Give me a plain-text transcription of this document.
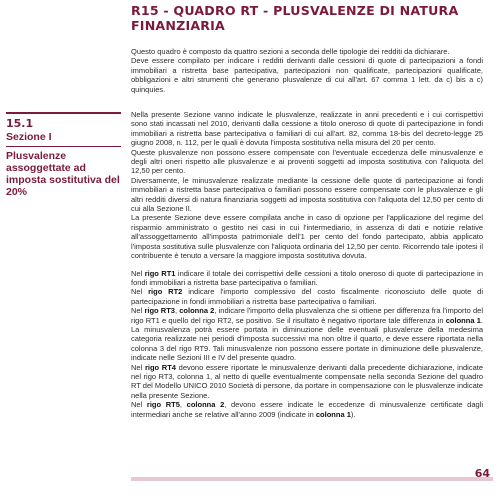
R15 - QUADRO RT - PLUSVALENZE DI NATURA FINANZIARIA

Questo quadro è composto da quattro sezioni a seconda delle tipologie dei redditi da dichiarare.

Deve essere compilato per indicare i redditi derivanti dalle cessioni di quote di partecipazioni a fondi immobiliari a ristretta base partecipativa, partecipazioni non qualificate, partecipazioni qualificate, obbligazioni e altri strumenti che generano plusvalenze di cui all'art. 67 comma 1 lett. da c) bis a c) quinquies.

15.1
Sezione I
Plusvalenze assoggettate ad imposta sostitutiva del 20%

Nella presente Sezione vanno indicate le plusvalenze, realizzate in anni precedenti e i cui corrispettivi sono stati incassati nel 2010, derivanti dalla cessione a titolo oneroso di quote di partecipazione in fondi immobiliari a ristretta base partecipativa o familiari di cui all'art. 82, comma 18-bis del decreto-legge 25 giugno 2008, n. 112, per le quali è dovuta l'imposta sostitutiva nella misura del 20 per cento.

Queste plusvalenze non possono essere compensate con l'eventuale eccedenza delle minusvalenze e degli altri oneri rispetto alle plusvalenze e ai proventi soggetti ad imposta sostitutiva con l'aliquota del 12,50 per cento.

Diversamente, le minusvalenze realizzate mediante la cessione delle quote di partecipazione ai fondi immobiliari a ristretta base partecipativa o familiari possono essere compensate con le plusvalenze e gli altri redditi diversi di natura finanziaria soggetti ad imposta sostitutiva con l'aliquota del 12,50 per cento di cui alla Sezione II.

La presente Sezione deve essere compilata anche in caso di opzione per l'applicazione del regime del risparmio amministrato o gestito nei casi in cui l'intermediario, in assenza di dati e notizie relative all'assoggettamento all'imposta patrimoniale dell'1 per cento del fondo partecipato, abbia applicato l'imposta sostitutiva sulle plusvalenze con l'aliquota ordinaria del 12,50 per cento. Ricorrendo tale ipotesi il contribuente è tenuto a versare la maggiore imposta sostitutiva dovuta.

Nel rigo RT1 indicare il totale dei corrispettivi delle cessioni a titolo oneroso di quote di partecipazione in fondi immobiliari a ristretta base partecipativa o familiari.

Nel rigo RT2 indicare l'importo complessivo del costo fiscalmente riconosciuto delle quote di partecipazione in fondi immobiliari a ristretta base partecipativa o familiari.

Nel rigo RT3, colonna 2, indicare l'importo della plusvalenza che si ottiene per differenza fra l'importo del rigo RT1 e quello del rigo RT2, se positivo. Se il risultato è negativo riportare tale differenza in colonna 1. La minusvalenza potrà essere portata in diminuzione delle eventuali plusvalenze della medesima categoria realizzate nei periodi d'imposta successivi ma non oltre il quarto, e deve essere riportata nella colonna 3 del rigo RT9. Tali minusvalenze non possono essere portate in diminuzione delle plusvalenze, indicate nelle Sezioni III e IV del presente quadro.

Nel rigo RT4 devono essere riportate le minusvalenze derivanti dalla precedente dichiarazione, indicate nel rigo RT3, colonna 1, al netto di quelle eventualmente compensate nella seconda Sezione del quadro RT del Modello UNICO 2010 Società di persone, da portare in compensazione con le plusvalenze indicate nella presente Sezione.

Nel rigo RT5, colonna 2, devono essere indicate le eccedenze di minusvalenze certificate dagli intermediari anche se relative all'anno 2009 (indicate in colonna 1).

64
